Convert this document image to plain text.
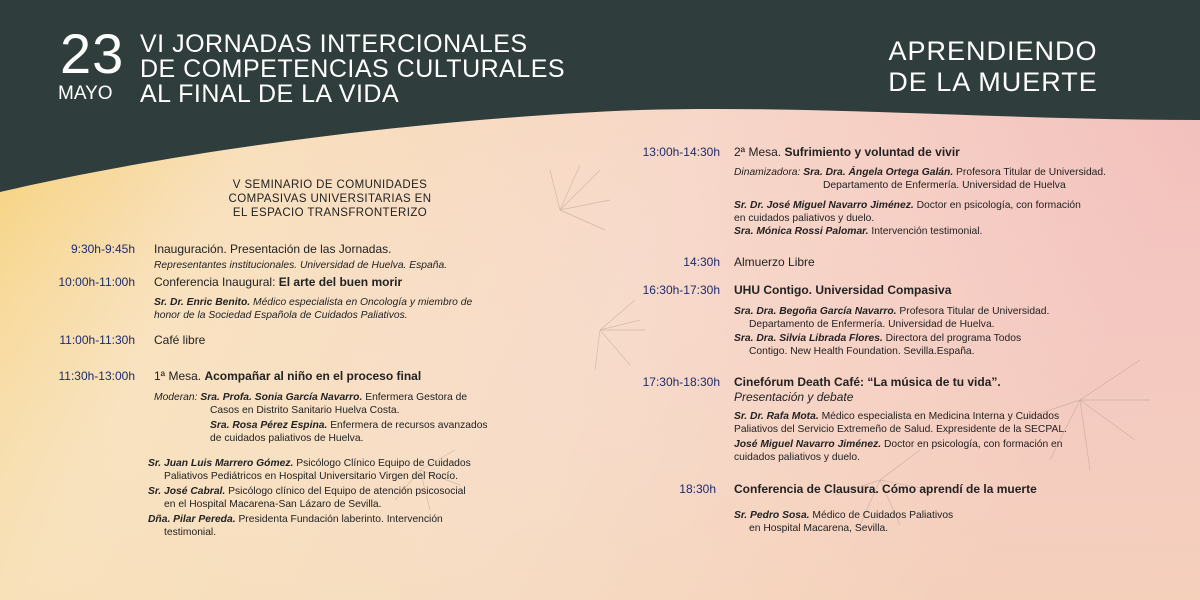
23
MAYO
VI JORNADAS INTERCIONALES
DE COMPETENCIAS CULTURALES
AL FINAL DE LA VIDA
APRENDIENDO
DE LA MUERTE
V SEMINARIO DE COMUNIDADES
COMPASIVAS UNIVERSITARIAS EN
EL ESPACIO TRANSFRONTERIZO
9:30h-9:45h Inauguración. Presentación de las Jornadas.
Representantes institucionales. Universidad de Huelva. España.
10:00h-11:00h Conferencia Inaugural: El arte del buen morir
Sr. Dr. Enric Benito. Médico especialista en Oncología y miembro de
honor de la Sociedad Española de Cuidados Paliativos.
11:00h-11:30h Café libre
11:30h-13:00h 1ª Mesa. Acompañar al niño en el proceso final
Moderan: Sra. Profa. Sonia García Navarro. Enfermera Gestora de
Casos en Distrito Sanitario Huelva Costa.
Sra. Rosa Pérez Espina. Enfermera de recursos avanzados
de cuidados paliativos de Huelva.
Sr. Juan Luis Marrero Gómez. Psicólogo Clínico Equipo de Cuidados
Paliativos Pediátricos en Hospital Universitario Virgen del Rocío.
Sr. José Cabral. Psicólogo clínico del Equipo de atención psicosocial
en el Hospital Macarena-San Lázaro de Sevilla.
Dña. Pilar Pereda. Presidenta Fundación laberinto. Intervención
testimonial.
13:00h-14:30h 2ª Mesa. Sufrimiento y voluntad de vivir
Dinamizadora: Sra. Dra. Ángela Ortega Galán. Profesora Titular de Universidad.
Departamento de Enfermería. Universidad de Huelva
Sr. Dr. José Miguel Navarro Jiménez. Doctor en psicología, con formación
en cuidados paliativos y duelo.
Sra. Mónica Rossi Palomar. Intervención testimonial.
14:30h Almuerzo Libre
16:30h-17:30h UHU Contigo. Universidad Compasiva
Sra. Dra. Begoña García Navarro. Profesora Titular de Universidad.
Departamento de Enfermería. Universidad de Huelva.
Sra. Dra. Silvia Librada Flores. Directora del programa Todos
Contigo. New Health Foundation. Sevilla.España.
17:30h-18:30h Cinefórum Death Café: “La música de tu vida”.
Presentación y debate
Sr. Dr. Rafa Mota. Médico especialista en Medicina Interna y Cuidados
Paliativos del Servicio Extremeño de Salud. Expresidente de la SECPAL.
José Miguel Navarro Jiménez. Doctor en psicología, con formación en
cuidados paliativos y duelo.
18:30h Conferencia de Clausura. Cómo aprendí de la muerte
Sr. Pedro Sosa. Médico de Cuidados Paliativos
en Hospital Macarena, Sevilla.
